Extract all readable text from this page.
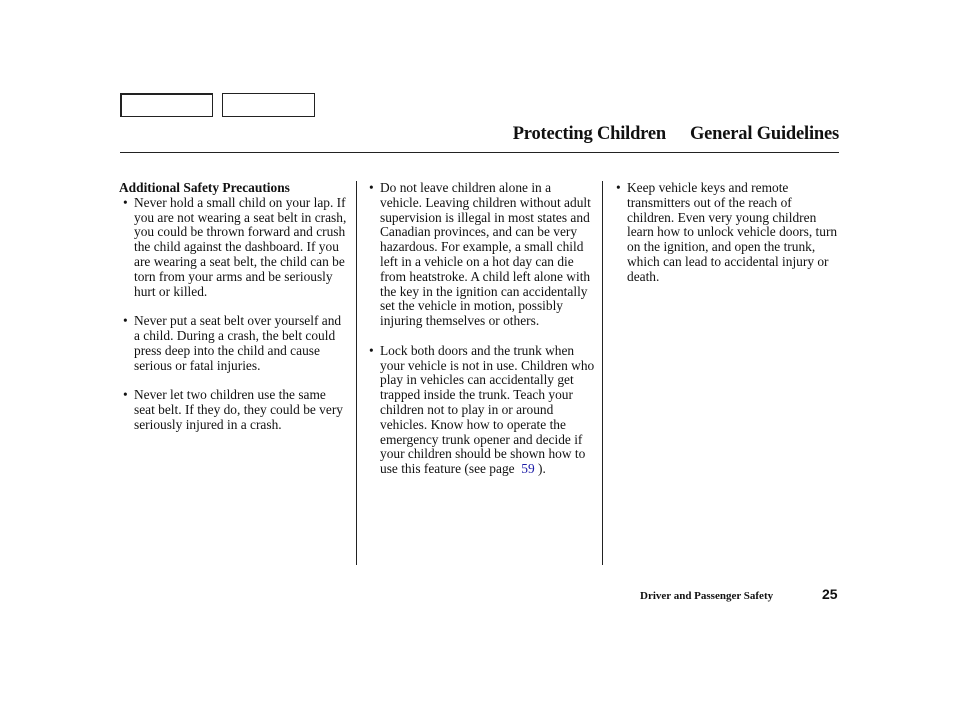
Protecting Children General Guidelines

Additional Safety Precautions

• Never hold a small child on your lap. If you are not wearing a seat belt in crash, you could be thrown forward and crush the child against the dashboard. If you are wearing a seat belt, the child can be torn from your arms and be seriously hurt or killed.

• Never put a seat belt over yourself and a child. During a crash, the belt could press deep into the child and cause serious or fatal injuries.

• Never let two children use the same seat belt. If they do, they could be very seriously injured in a crash.

• Do not leave children alone in a vehicle. Leaving children without adult supervision is illegal in most states and Canadian provinces, and can be very hazardous. For example, a small child left in a vehicle on a hot day can die from heatstroke. A child left alone with the key in the ignition can accidentally set the vehicle in motion, possibly injuring themselves or others.

• Lock both doors and the trunk when your vehicle is not in use. Children who play in vehicles can accidentally get trapped inside the trunk. Teach your children not to play in or around vehicles. Know how to operate the emergency trunk opener and decide if your children should be shown how to use this feature (see page 59 ).

• Keep vehicle keys and remote transmitters out of the reach of children. Even very young children learn how to unlock vehicle doors, turn on the ignition, and open the trunk, which can lead to accidental injury or death.

Driver and Passenger Safety	25
